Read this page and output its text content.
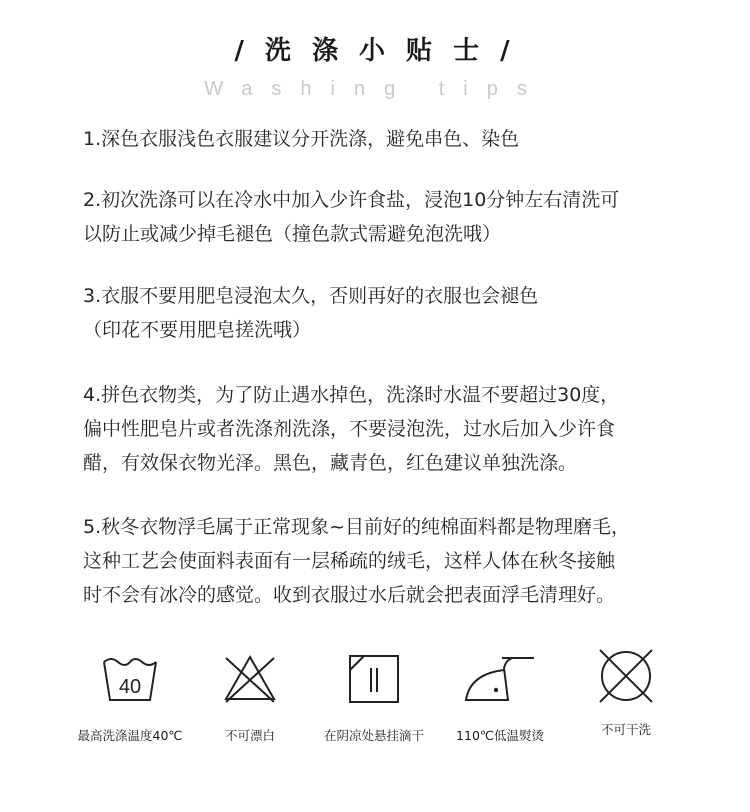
/ 洗 涤 小 贴 士 /
Washing tips

1.深色衣服浅色衣服建议分开洗涤，避免串色、染色

2.初次洗涤可以在冷水中加入少许食盐，浸泡10分钟左右清洗可
以防止或减少掉毛褪色（撞色款式需避免泡洗哦）

3.衣服不要用肥皂浸泡太久，否则再好的衣服也会褪色
（印花不要用肥皂搓洗哦）

4.拼色衣物类，为了防止遇水掉色，洗涤时水温不要超过30度，
偏中性肥皂片或者洗涤剂洗涤，不要浸泡洗，过水后加入少许食
醋，有效保衣物光泽。黑色，藏青色，红色建议单独洗涤。

5.秋冬衣物浮毛属于正常现象~目前好的纯棉面料都是物理磨毛，
这种工艺会使面料表面有一层稀疏的绒毛，这样人体在秋冬接触
时不会有冰冷的感觉。收到衣服过水后就会把表面浮毛清理好。

40
最高洗涤温度40℃	不可漂白	在阴凉处悬挂滴干	110℃低温熨烫	不可干洗
